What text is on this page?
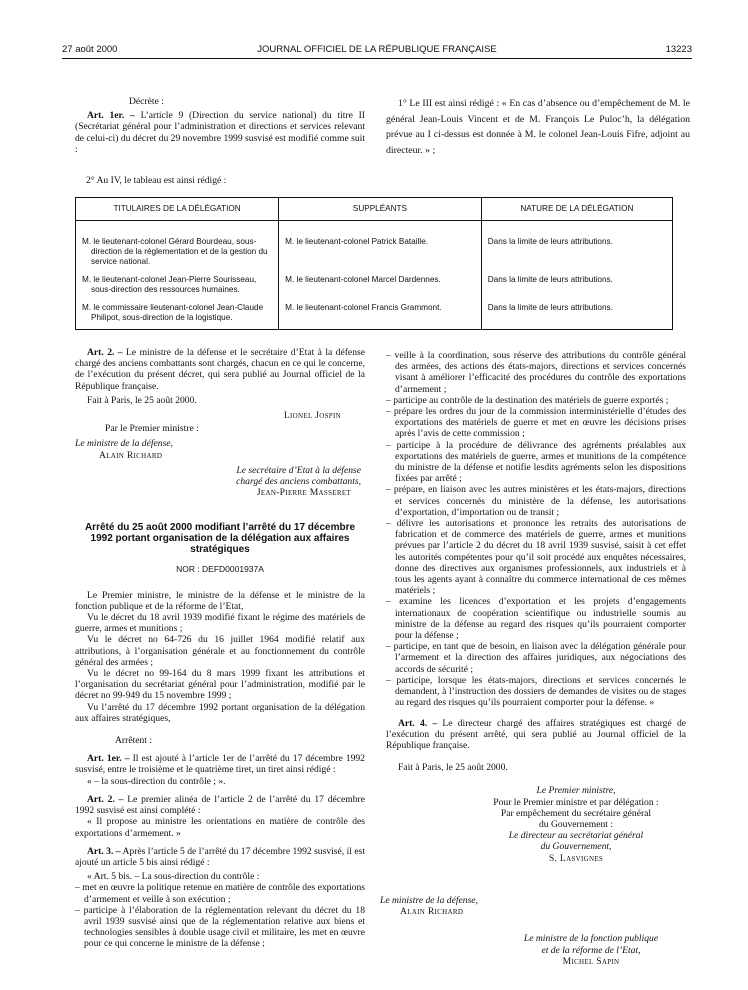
27 août 2000	JOURNAL OFFICIEL DE LA RÉPUBLIQUE FRANÇAISE	13223

Décrète :

Art. 1er. – L’article 9 (Direction du service national) du titre II (Secrétariat général pour l’administration et directions et services relevant de celui-ci) du décret du 29 novembre 1999 susvisé est modifié comme suit :

1° Le III est ainsi rédigé : « En cas d’absence ou d’empêchement de M. le général Jean-Louis Vincent et de M. François Le Puloc’h, la délégation prévue au I ci-dessus est donnée à M. le colonel Jean-Louis Fifre, adjoint au directeur. » ;

2° Au IV, le tableau est ainsi rédigé :

TITULAIRES DE LA DÉLÉGATION	SUPPLÉANTS	NATURE DE LA DÉLÉGATION

M. le lieutenant-colonel Gérard Bourdeau, sous-direction de la réglementation et de la gestion du service national.	M. le lieutenant-colonel Patrick Bataille.	Dans la limite de leurs attributions.

M. le lieutenant-colonel Jean-Pierre Sourisseau, sous-direction des ressources humaines.	M. le lieutenant-colonel Marcel Dardennes.	Dans la limite de leurs attributions.

M. le commissaire lieutenant-colonel Jean-Claude Philipot, sous-direction de la logistique.	M. le lieutenant-colonel Francis Grammont.	Dans la limite de leurs attributions.

Art. 2. – Le ministre de la défense et le secrétaire d’Etat à la défense chargé des anciens combattants sont chargés, chacun en ce qui le concerne, de l’exécution du présent décret, qui sera publié au Journal officiel de la République française.

Fait à Paris, le 25 août 2000.

Lionel Jospin

Par le Premier ministre :

Le ministre de la défense,

Alain Richard

Le secrétaire d’Etat à la défense

chargé des anciens combattants,

Jean-Pierre Masseret

Arrêté du 25 août 2000 modifiant l’arrêté du 17 décembre 1992 portant organisation de la délégation aux affaires stratégiques

NOR : DEFD0001937A

Le Premier ministre, le ministre de la défense et le ministre de la fonction publique et de la réforme de l’Etat,

Vu le décret du 18 avril 1939 modifié fixant le régime des matériels de guerre, armes et munitions ;

Vu le décret no 64-726 du 16 juillet 1964 modifié relatif aux attributions, à l’organisation générale et au fonctionnement du contrôle général des armées ;

Vu le décret no 99-164 du 8 mars 1999 fixant les attributions et l’organisation du secrétariat général pour l’administration, modifié par le décret no 99-949 du 15 novembre 1999 ;

Vu l’arrêté du 17 décembre 1992 portant organisation de la délégation aux affaires stratégiques,

Arrêtent :

Art. 1er. – Il est ajouté à l’article 1er de l’arrêté du 17 décembre 1992 susvisé, entre le troisième et le quatrième tiret, un tiret ainsi rédigé :

« – la sous-direction du contrôle ; ».

Art. 2. – Le premier alinéa de l’article 2 de l’arrêté du 17 décembre 1992 susvisé est ainsi complété :

« Il propose au ministre les orientations en matière de contrôle des exportations d’armement. »

Art. 3. – Après l’article 5 de l’arrêté du 17 décembre 1992 susvisé, il est ajouté un article 5 bis ainsi rédigé :

« Art. 5 bis. – La sous-direction du contrôle :

– met en œuvre la politique retenue en matière de contrôle des exportations d’armement et veille à son exécution ;

– participe à l’élaboration de la réglementation relevant du décret du 18 avril 1939 susvisé ainsi que de la réglementation relative aux biens et technologies sensibles à double usage civil et militaire, les met en œuvre pour ce qui concerne le ministre de la défense ;

– veille à la coordination, sous réserve des attributions du contrôle général des armées, des actions des états-majors, directions et services concernés visant à améliorer l’efficacité des procédures du contrôle des exportations d’armement ;

– participe au contrôle de la destination des matériels de guerre exportés ;

– prépare les ordres du jour de la commission interministérielle d’études des exportations des matériels de guerre et met en œuvre les décisions prises après l’avis de cette commission ;

– participe à la procédure de délivrance des agréments préalables aux exportations des matériels de guerre, armes et munitions de la compétence du ministre de la défense et notifie lesdits agréments selon les dispositions fixées par arrêté ;

– prépare, en liaison avec les autres ministères et les états-majors, directions et services concernés du ministère de la défense, les autorisations d’exportation, d’importation ou de transit ;

– délivre les autorisations et prononce les retraits des autorisations de fabrication et de commerce des matériels de guerre, armes et munitions prévues par l’article 2 du décret du 18 avril 1939 susvisé, saisit à cet effet les autorités compétentes pour qu’il soit procédé aux enquêtes nécessaires, donne des directives aux organismes professionnels, aux industriels et à tous les agents ayant à connaître du commerce international de ces mêmes matériels ;

– examine les licences d’exportation et les projets d’engagements internationaux de coopération scientifique ou industrielle soumis au ministre de la défense au regard des risques qu’ils pourraient comporter pour la défense ;

– participe, en tant que de besoin, en liaison avec la délégation générale pour l’armement et la direction des affaires juridiques, aux négociations des accords de sécurité ;

– participe, lorsque les états-majors, directions et services concernés le demandent, à l’instruction des dossiers de demandes de visites ou de stages au regard des risques qu’ils pourraient comporter pour la défense. »

Art. 4. – Le directeur chargé des affaires stratégiques est chargé de l’exécution du présent arrêté, qui sera publié au Journal officiel de la République française.

Fait à Paris, le 25 août 2000.

Le Premier ministre,

Pour le Premier ministre et par délégation :

Par empêchement du secrétaire général

du Gouvernement :

Le directeur au secrétariat général

du Gouvernement,

S. Lasvignes

Le ministre de la défense,

Alain Richard

Le ministre de la fonction publique

et de la réforme de l’Etat,

Michel Sapin
